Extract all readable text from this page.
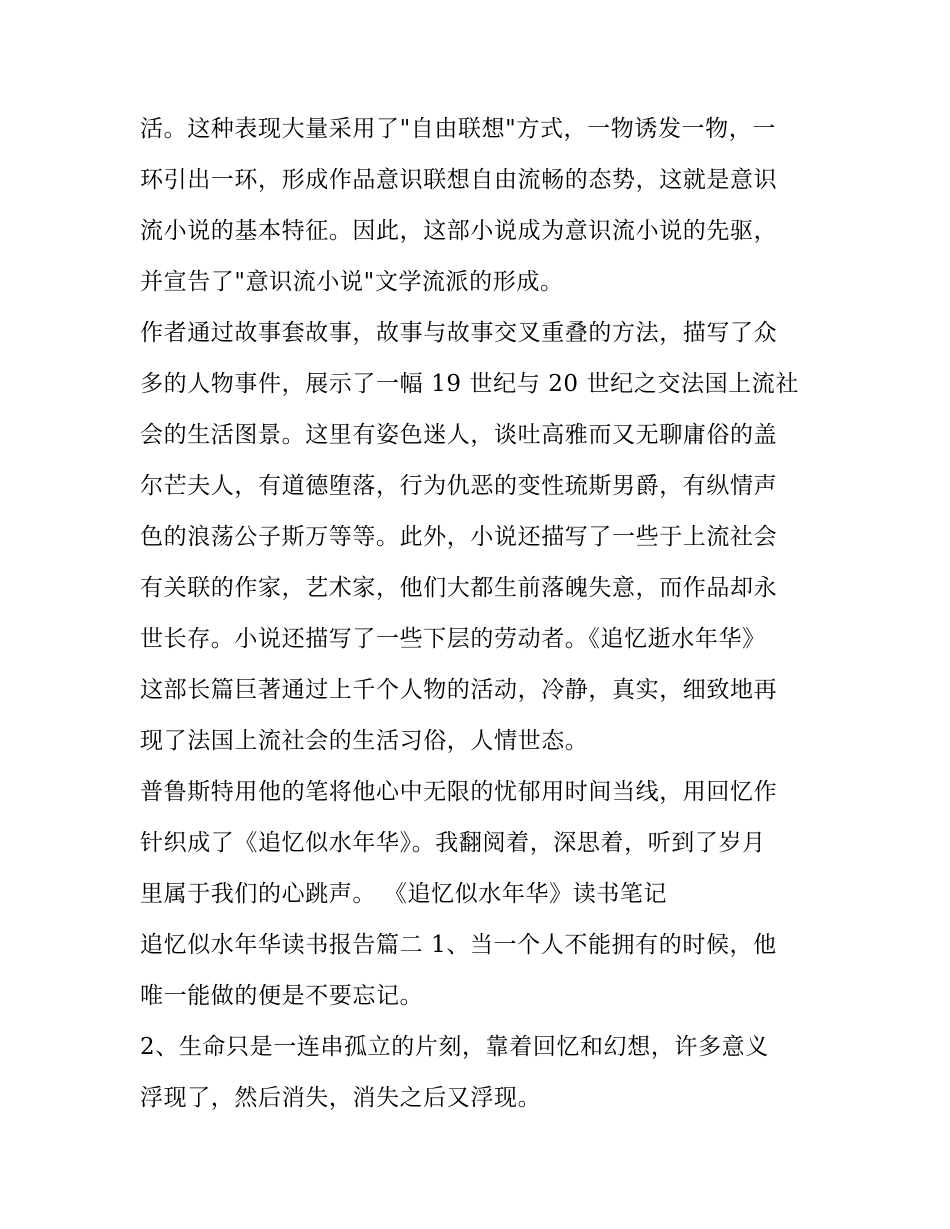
活。这种表现大量采用了"自由联想"方式，一物诱发一物，一
环引出一环，形成作品意识联想自由流畅的态势，这就是意识
流小说的基本特征。因此，这部小说成为意识流小说的先驱，
并宣告了"意识流小说"文学流派的形成。
作者通过故事套故事，故事与故事交叉重叠的方法，描写了众
多的人物事件，展示了一幅 19 世纪与 20 世纪之交法国上流社
会的生活图景。这里有姿色迷人，谈吐高雅而又无聊庸俗的盖
尔芒夫人，有道德堕落，行为仇恶的变性琉斯男爵，有纵情声
色的浪荡公子斯万等等。此外，小说还描写了一些于上流社会
有关联的作家，艺术家，他们大都生前落魄失意，而作品却永
世长存。小说还描写了一些下层的劳动者。《追忆逝水年华》
这部长篇巨著通过上千个人物的活动，冷静，真实，细致地再
现了法国上流社会的生活习俗，人情世态。
普鲁斯特用他的笔将他心中无限的忧郁用时间当线，用回忆作
针织成了《追忆似水年华》。我翻阅着，深思着，听到了岁月
里属于我们的心跳声。 《追忆似水年华》读书笔记
追忆似水年华读书报告篇二 1、当一个人不能拥有的时候，他
唯一能做的便是不要忘记。
2、生命只是一连串孤立的片刻，靠着回忆和幻想，许多意义
浮现了，然后消失，消失之后又浮现。
